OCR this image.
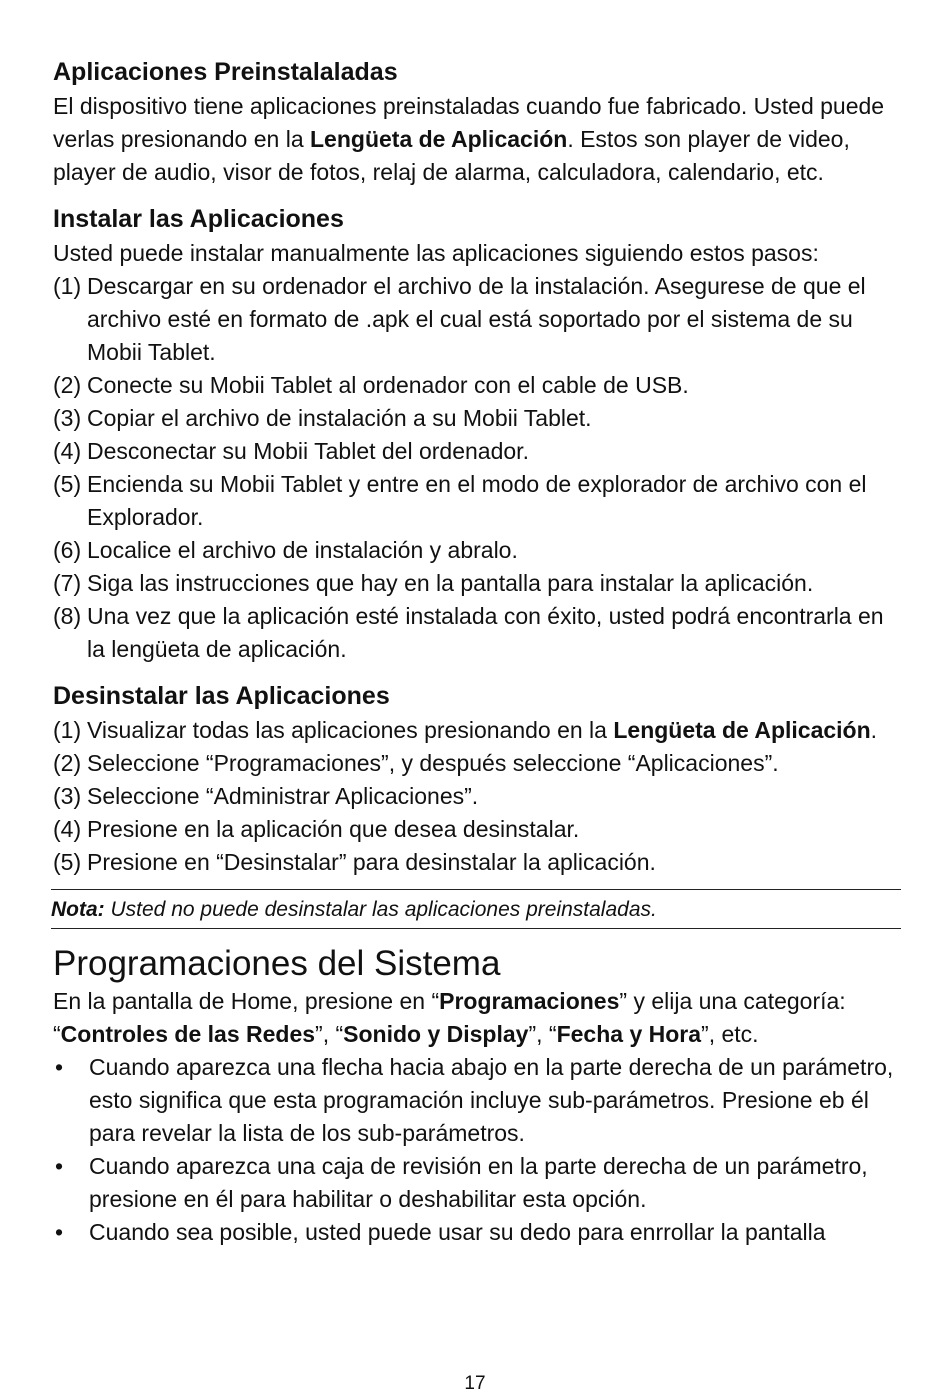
Aplicaciones Preinstalaladas

El dispositivo tiene aplicaciones preinstaladas cuando fue fabricado. Usted puede verlas presionando en la Lengüeta de Aplicación. Estos son player de video, player de audio, visor de fotos, relaj de alarma, calculadora, calendario, etc.

Instalar las Aplicaciones

Usted puede instalar manualmente las aplicaciones siguiendo estos pasos:

(1) Descargar en su ordenador el archivo de la instalación. Asegurese de que el archivo esté en formato de .apk el cual está soportado por el sistema de su Mobii Tablet.
(2) Conecte su Mobii Tablet al ordenador con el cable de USB.
(3) Copiar el archivo de instalación a su Mobii Tablet.
(4) Desconectar su Mobii Tablet del ordenador.
(5) Encienda su Mobii Tablet y entre en el modo de explorador de archivo con el Explorador.
(6) Localice el archivo de instalación y abralo.
(7) Siga las instrucciones que hay en la pantalla para instalar la aplicación.
(8) Una vez que la aplicación esté instalada con éxito, usted podrá encontrarla en la lengüeta de aplicación.
Desinstalar las Aplicaciones
(1) Visualizar todas las aplicaciones presionando en la Lengüeta de Aplicación.
(2) Seleccione “Programaciones”, y después seleccione “Aplicaciones”.
(3) Seleccione “Administrar Aplicaciones”.
(4) Presione en la aplicación que desea desinstalar.
(5) Presione en “Desinstalar” para desinstalar la aplicación.
Nota: Usted no puede desinstalar las aplicaciones preinstaladas.
Programaciones del Sistema

En la pantalla de Home, presione en “Programaciones” y elija una categoría: “Controles de las Redes”, “Sonido y Display”, “Fecha y Hora”, etc.

•	Cuando aparezca una flecha hacia abajo en la parte derecha de un parámetro, esto significa que esta programación incluye sub-parámetros. Presione eb él para revelar la lista de los sub-parámetros.
•	Cuando aparezca una caja de revisión en la parte derecha de un parámetro, presione en él para habilitar o deshabilitar esta opción.
•	Cuando sea posible, usted puede usar su dedo para enrrollar la pantalla
17
